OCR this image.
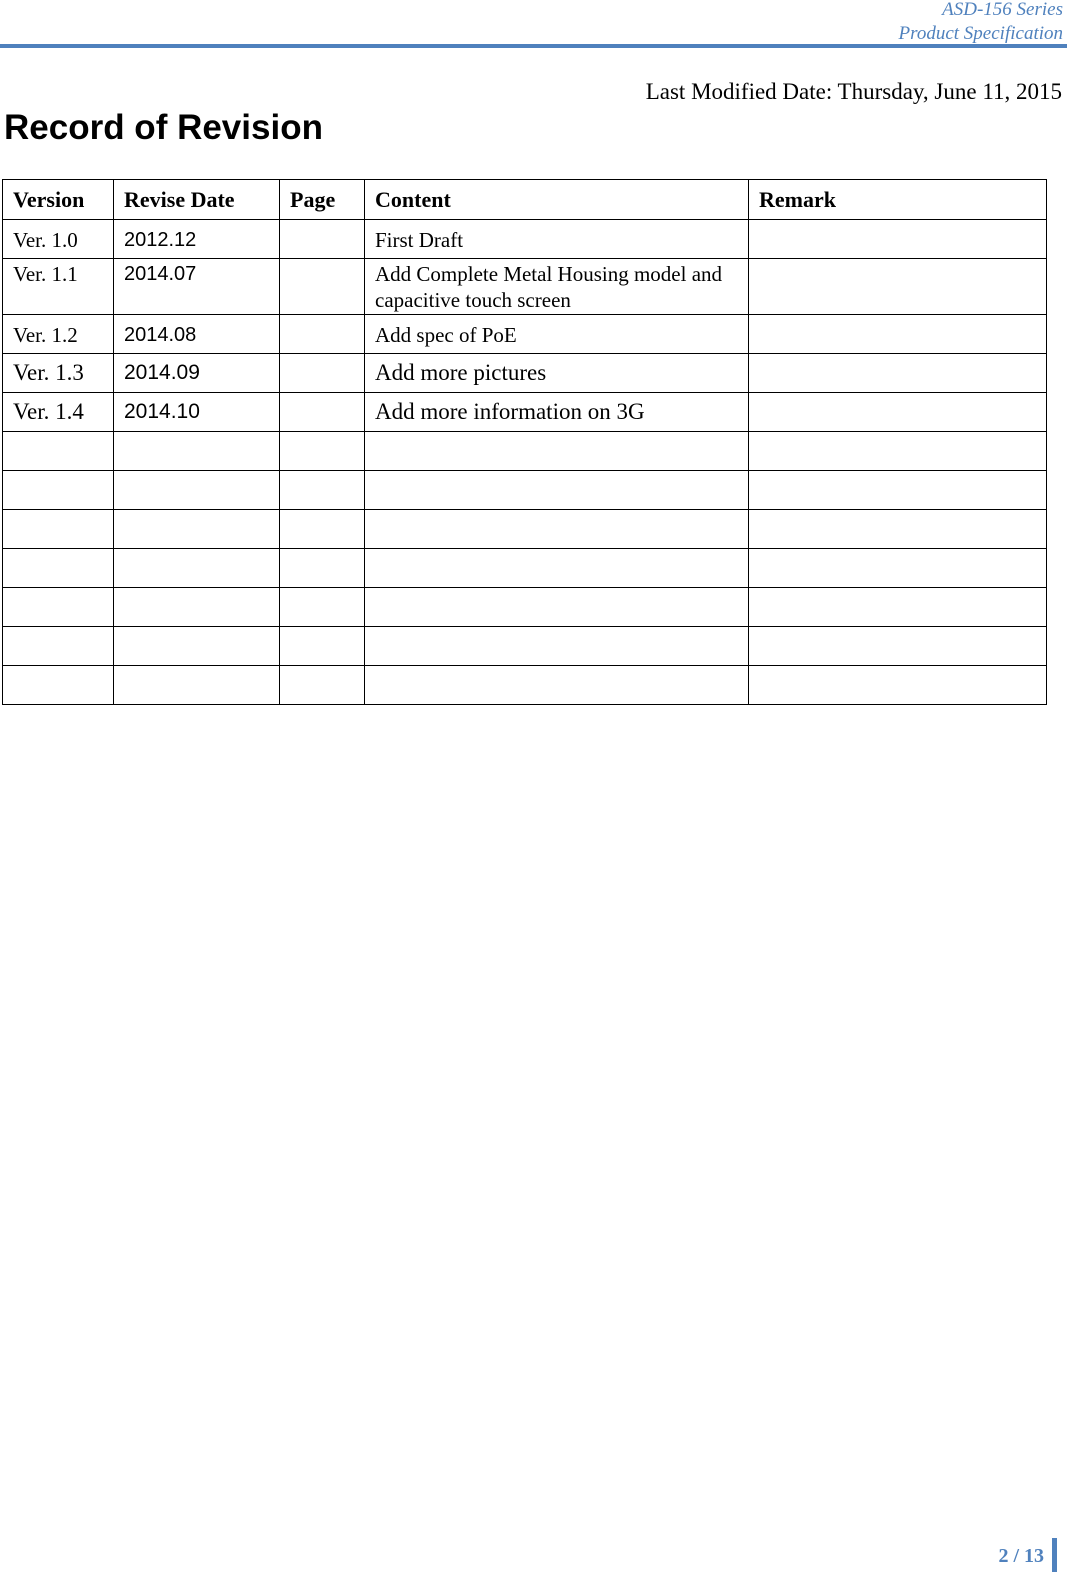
ASD-156 Series
Product Specification
Last Modified Date: Thursday, June 11, 2015
Record of Revision
Version	Revise Date	Page	Content	Remark
Ver. 1.0	2012.12		First Draft	
Ver. 1.1	2014.07		Add Complete Metal Housing model and capacitive touch screen	
Ver. 1.2	2014.08		Add spec of PoE	
Ver. 1.3	2014.09		Add more pictures	
Ver. 1.4	2014.10		Add more information on 3G	

2 / 13
